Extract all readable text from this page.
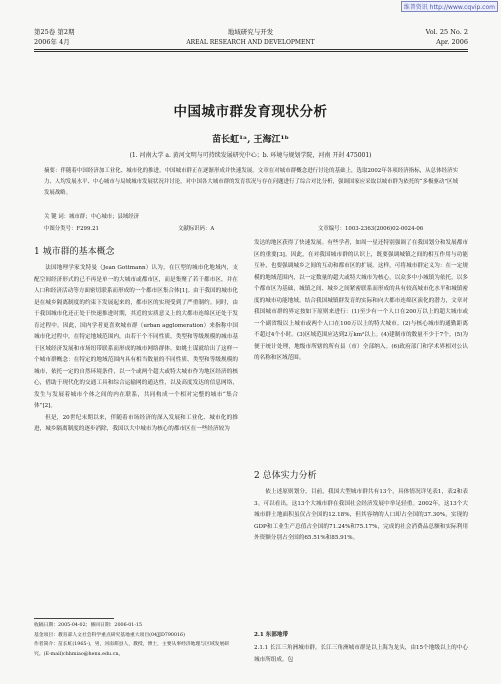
维普资讯 http://www.cqvip.com
第25卷 第2期
2006年 4月
地域研究与开发
AREAL RESEARCH AND DEVELOPMENT
Vol. 25 No. 2
Apr. 2006
中国城市群发育现状分析
苗长虹¹ᵃ, 王海江¹ᵇ
(1. 河南大学 a. 黄河文明与可持续发展研究中心；b. 环境与规划学院，河南 开封 475001)
摘要：伴随着中国经济加工业化、城市化的推进，中国城市群正在逐渐形成并快速发展。文章在对城市群概念进行讨论的基础上，选取2002年各项经济指标，从总体经济实力、人均发展水平、中心城市与局域城市发展状况并讨论，对中国各大城市群的发育状况与存在问题进行了综合对比分析，强调国家应采取以城市群为依托的“多极驱动”区域发展战略。
关 键 词：城市群；中心城市；县域经济
中图分类号：F299.21	文献标识码：A	文章编号：1003-2363(2006)02-0024-06
1 城市群的基本概念

法国地理学家戈特曼（Jean Gottmann）认为，在巨型的城市化地域内，支配空间经济形式的已不再是单一的大城市或都市区，而是集聚了若干都市区，并在人口和经济活动等方面密切联系而形成的一个都市区集合体[1]。由于我国的城市化是在城乡隔离制度的约束下发展起来的，都市区的实现受到了严重制约。同时，由于我国城市化还正处于快速推进时期，其近的实质意义上的大都市连绵区还处于发育过程中。因此，国内学者更喜欢城市群（urban agglomeration）来指称中国城市化过程中，在特定地域范围内，由若干个不同性质、类型和等级规模的城市基于区域经济发展和市场纽带联系而形成的城市网络群体。如姚士谋就给出了这样一个城市群概念：在特定的地域范围内具有相当数量的不同性质、类型和等级规模的城市，依托一定的自然环境条件，以一个或两个超大或特大城市作为地区经济的核心，借助于现代化的交通工具和综合运输网的通达性，以及高度发达的信息网络，发生与发展着城市个体之间的内在联系，共同构成一个相对完整的城市“集合体”[2]。

但是，20世纪末期以来，伴随着市场经济的深入发展和工业化、城市化的推进，城乡隔离制度的逐步消除，我国以大中城市为核心的都市区在一些经济较为

发达的地区获得了快速发展。有些学者，如周一星还特别强调了在我国划分和发展都市区的重要[3]。因此，在对我国城市群的认识上，既要强调城镇之间的相互作用与功能互补，也要强调城乡之间的互动和都市区的扩展。这样，可将城市群定义为：在一定规模的地域范围内，以一定数量的超大或特大城市为核心，以众多中小城镇为依托，以多个都市区为基础，城镇之间、城乡之间紧密联系而形成的具有较高城市化水平和城镇密度的城市功能地域。结合我国城镇群发育的实际和向大都市连绵区演化的潜力，文章对我国城市群的界定按如下原则来进行：(1)至少有一个人口在200万以上的超大城市或一个副省级以上城市或两个人口在100万以上的特大城市。(2)与核心城市的通勤距离不超过4个小时。(3)区域范围应达到2万km²以上。(4)建制市的数量不少于7个。(5)为便于统计处理，地级市所辖的所有县（市）全部纳入。(6)政府部门和学术界相对公认的名称和区域范围。

2 总体实力分析

依上述原则划分，目前，我国大型城市群共有13个，具体情况详见表1，表2和表3。可以看出，这13个大城市群在我国社会经济发展中举足轻重。2002年，这13个大城市群土地面积虽仅占全国的12.18%，但其容纳的人口却占全国的37.30%，实现的GDP和工业生产总值占全国的71.24%和75.17%，完成的社会消费品总额和实际利用外资额分别占全国的65.51%和85.91%。

2.1 东部地带

2.1.1 长江三角洲城市群。长江三角洲城市群是以上海为龙头，由15个地级以上的中心城市所组成。包

收稿日期：2005-04-02；修回日期：2006-01-15
基金项目：教育部人文社会科学重点研究基地重大项目(04JJD790016)
作者简介：苗长虹(1965-)，男，河南郏县人，教授，博士，主要从事经济地理与区域发展研究。(E-mail)chhmiao@henu.edu.cn。
